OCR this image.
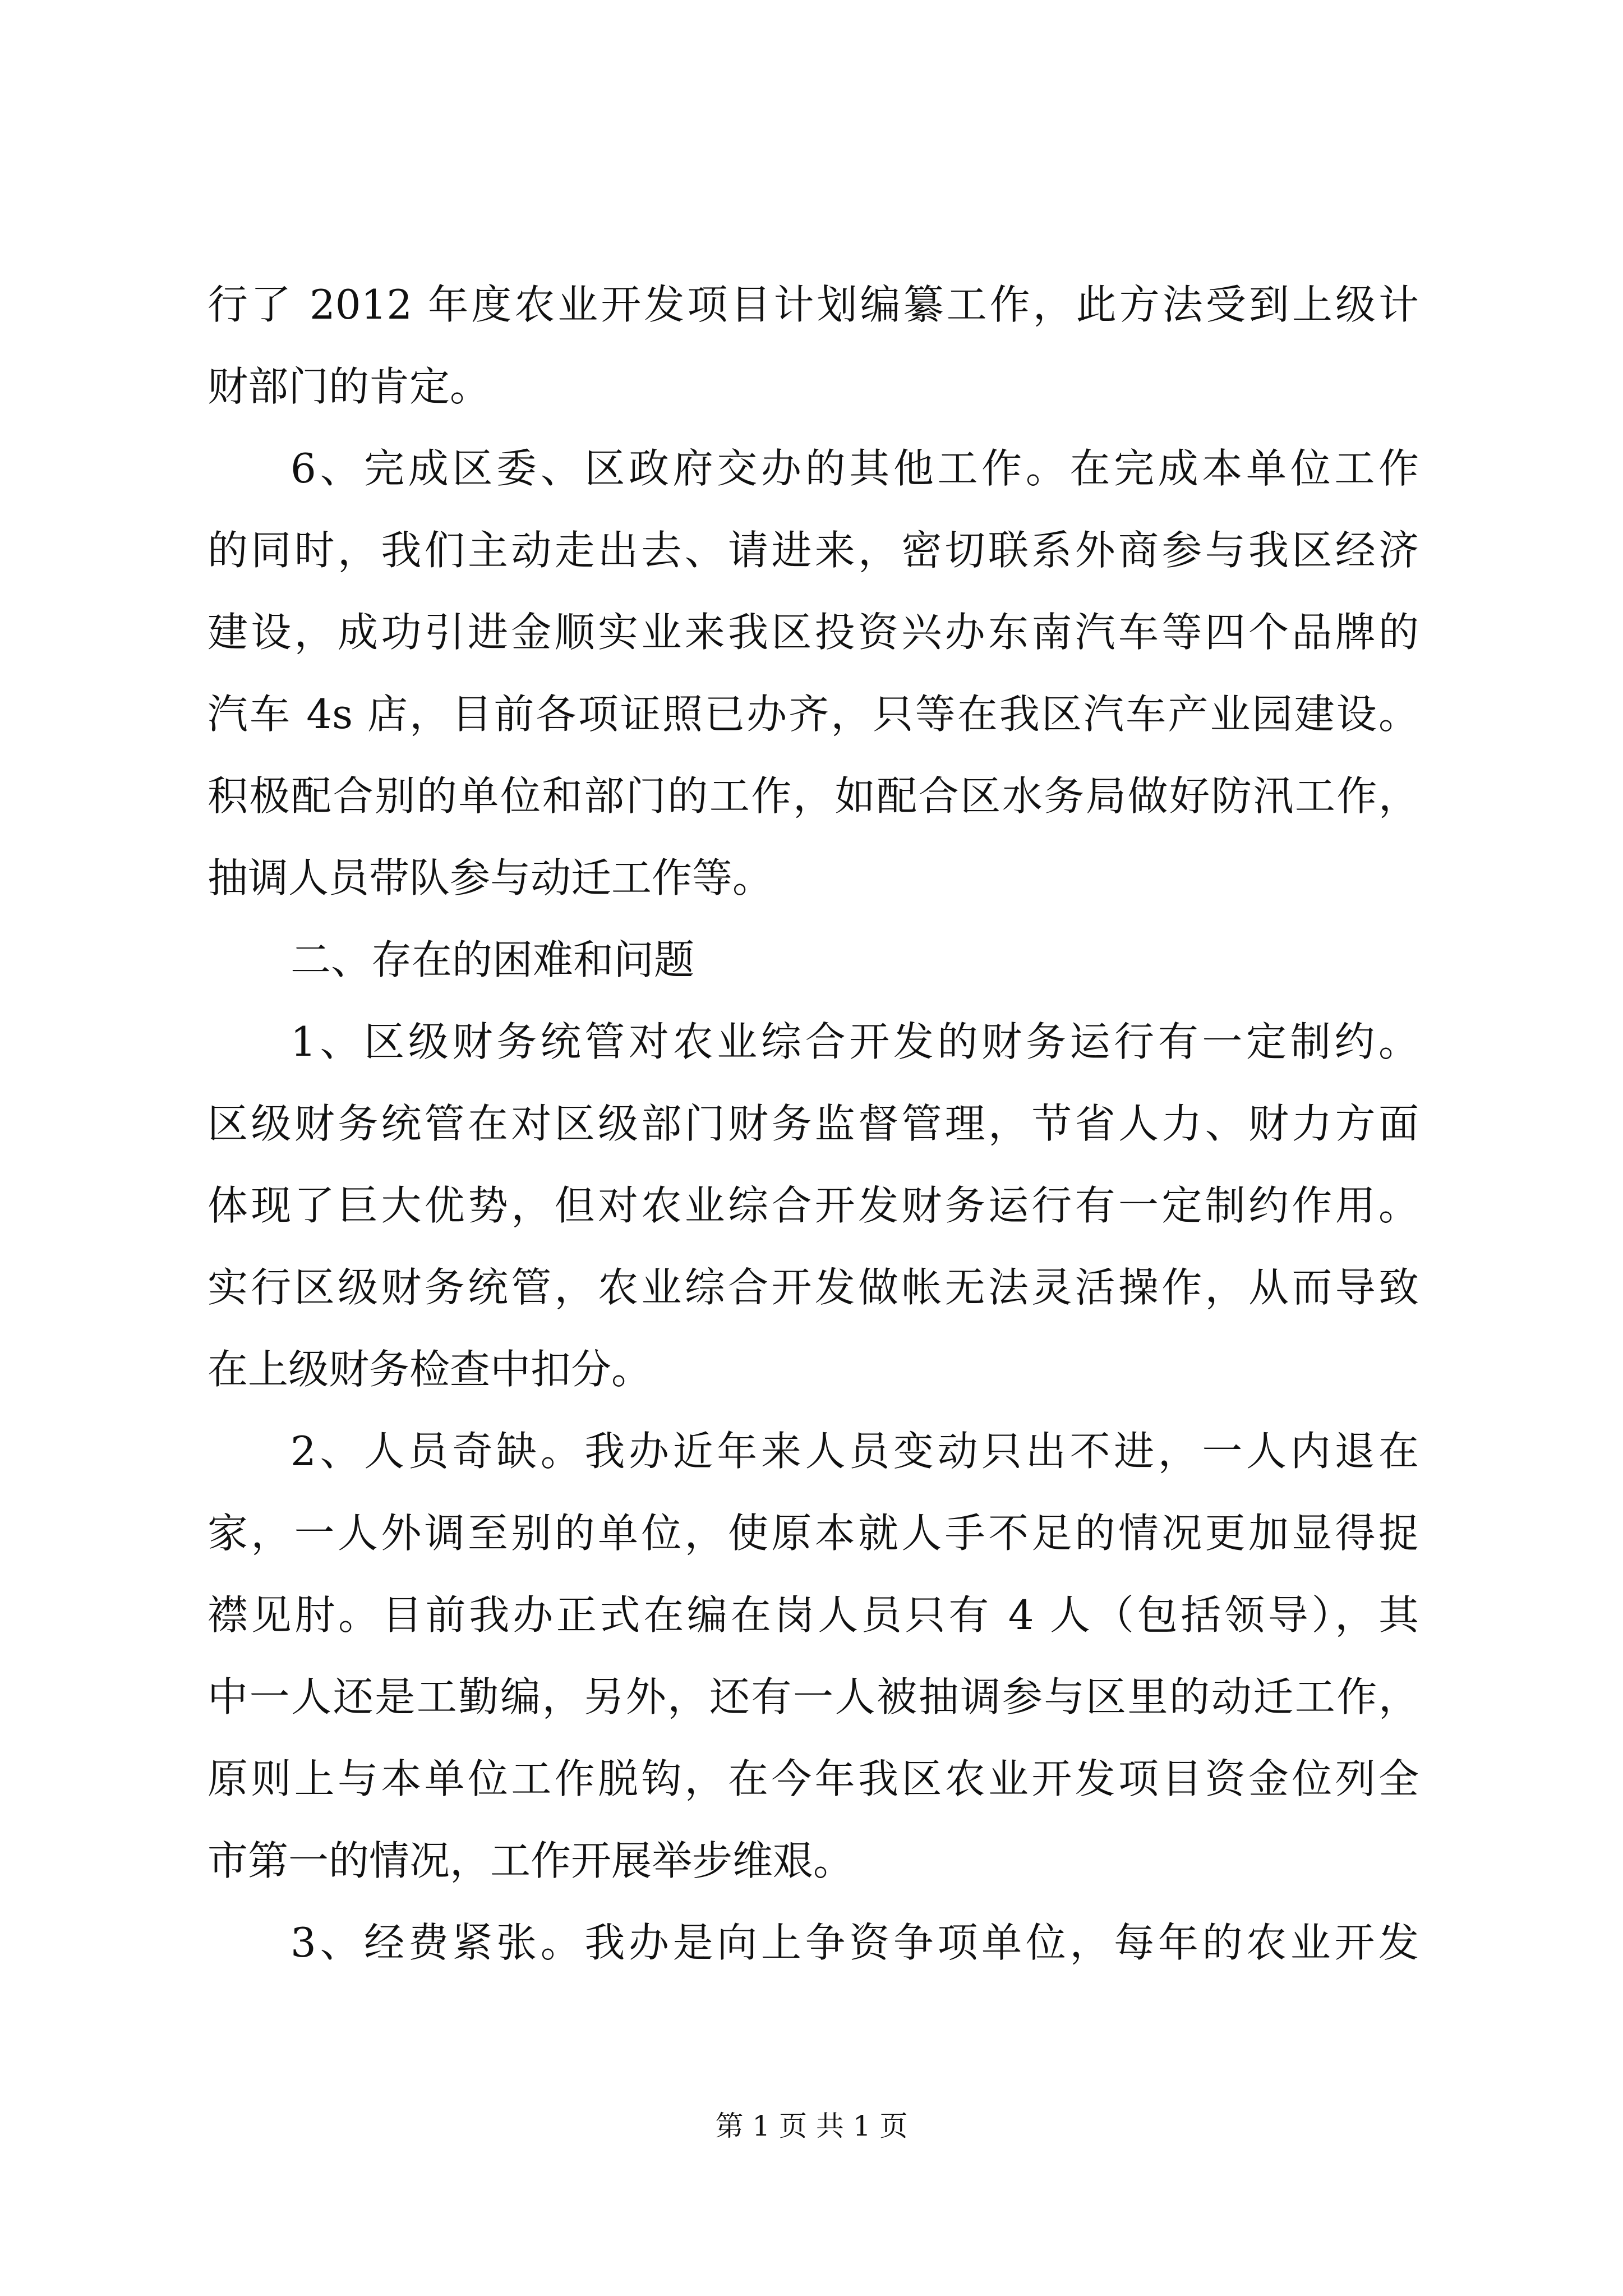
行了 2012 年度农业开发项目计划编纂工作，此方法受到上级计
财部门的肯定。
6、完成区委、区政府交办的其他工作。在完成本单位工作
的同时，我们主动走出去、请进来，密切联系外商参与我区经济
建设，成功引进金顺实业来我区投资兴办东南汽车等四个品牌的
汽车 4s 店，目前各项证照已办齐，只等在我区汽车产业园建设。
积极配合别的单位和部门的工作，如配合区水务局做好防汛工作，
抽调人员带队参与动迁工作等。
二、存在的困难和问题
1、区级财务统管对农业综合开发的财务运行有一定制约。
区级财务统管在对区级部门财务监督管理，节省人力、财力方面
体现了巨大优势，但对农业综合开发财务运行有一定制约作用。
实行区级财务统管，农业综合开发做帐无法灵活操作，从而导致
在上级财务检查中扣分。
2、人员奇缺。我办近年来人员变动只出不进，一人内退在
家，一人外调至别的单位，使原本就人手不足的情况更加显得捉
襟见肘。目前我办正式在编在岗人员只有 4 人（包括领导），其
中一人还是工勤编，另外，还有一人被抽调参与区里的动迁工作，
原则上与本单位工作脱钩，在今年我区农业开发项目资金位列全
市第一的情况，工作开展举步维艰。
3、经费紧张。我办是向上争资争项单位，每年的农业开发
第 1 页 共 1 页
